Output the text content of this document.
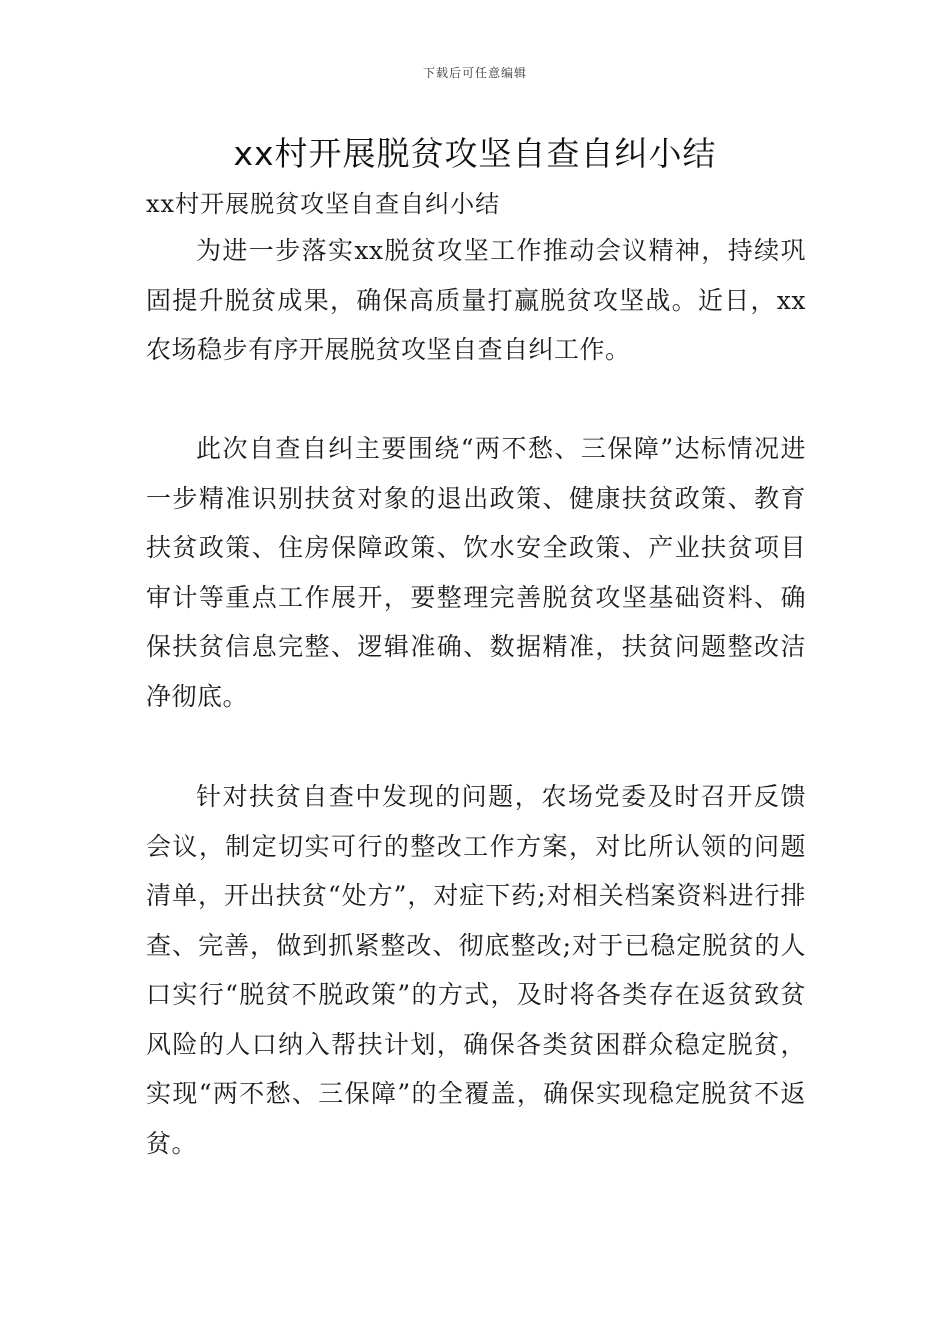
下载后可任意编辑
xx村开展脱贫攻坚自查自纠小结

xx村开展脱贫攻坚自查自纠小结

为进一步落实xx脱贫攻坚工作推动会议精神，持续巩固提升脱贫成果，确保高质量打赢脱贫攻坚战。近日，xx农场稳步有序开展脱贫攻坚自查自纠工作。

此次自查自纠主要围绕“两不愁、三保障”达标情况进一步精准识别扶贫对象的退出政策、健康扶贫政策、教育扶贫政策、住房保障政策、饮水安全政策、产业扶贫项目审计等重点工作展开，要整理完善脱贫攻坚基础资料、确保扶贫信息完整、逻辑准确、数据精准，扶贫问题整改洁净彻底。

针对扶贫自查中发现的问题，农场党委及时召开反馈会议，制定切实可行的整改工作方案，对比所认领的问题清单，开出扶贫“处方”，对症下药;对相关档案资料进行排查、完善，做到抓紧整改、彻底整改;对于已稳定脱贫的人口实行“脱贫不脱政策”的方式，及时将各类存在返贫致贫风险的人口纳入帮扶计划，确保各类贫困群众稳定脱贫，实现“两不愁、三保障”的全覆盖，确保实现稳定脱贫不返贫。
